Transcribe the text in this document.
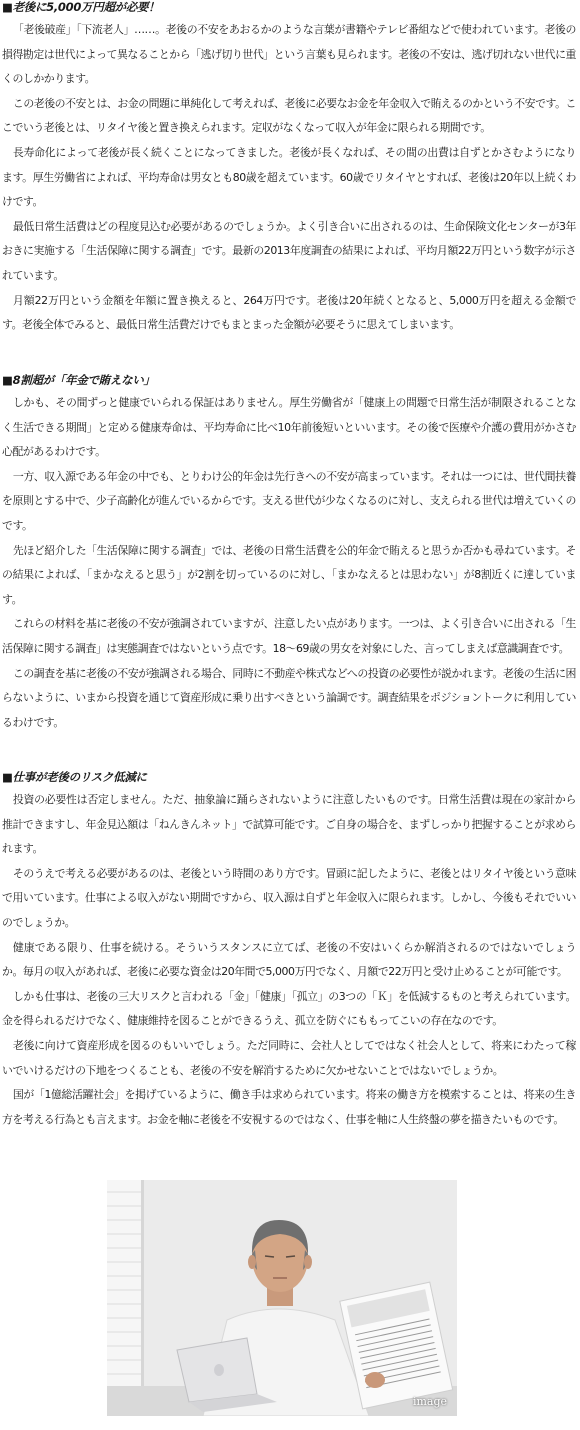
■老後に5,000万円超が必要！

「老後破産」「下流老人」……。老後の不安をあおるかのような言葉が書籍やテレビ番組などで使われています。老後の損得勘定は世代によって異なることから「逃げ切り世代」という言葉も見られます。老後の不安は、逃げ切れない世代に重くのしかかります。

この老後の不安とは、お金の問題に単純化して考えれば、老後に必要なお金を年金収入で賄えるのかという不安です。ここでいう老後とは、リタイヤ後と置き換えられます。定収がなくなって収入が年金に限られる期間です。

長寿命化によって老後が長く続くことになってきました。老後が長くなれば、その間の出費は自ずとかさむようになります。厚生労働省によれば、平均寿命は男女とも80歳を超えています。60歳でリタイヤとすれば、老後は20年以上続くわけです。

最低日常生活費はどの程度見込む必要があるのでしょうか。よく引き合いに出されるのは、生命保険文化センターが3年おきに実施する「生活保障に関する調査」です。最新の2013年度調査の結果によれば、平均月額22万円という数字が示されています。

月額22万円という金額を年額に置き換えると、264万円です。老後は20年続くとなると、5,000万円を超える金額です。老後全体でみると、最低日常生活費だけでもまとまった金額が必要そうに思えてしまいます。

■8割超が「年金で賄えない」

しかも、その間ずっと健康でいられる保証はありません。厚生労働省が「健康上の問題で日常生活が制限されることなく生活できる期間」と定める健康寿命は、平均寿命に比べ10年前後短いといいます。その後で医療や介護の費用がかさむ心配があるわけです。

一方、収入源である年金の中でも、とりわけ公的年金は先行きへの不安が高まっています。それは一つには、世代間扶養を原則とする中で、少子高齢化が進んでいるからです。支える世代が少なくなるのに対し、支えられる世代は増えていくのです。

先ほど紹介した「生活保障に関する調査」では、老後の日常生活費を公的年金で賄えると思うか否かも尋ねています。その結果によれば、「まかなえると思う」が2割を切っているのに対し、「まかなえるとは思わない」が8割近くに達しています。

これらの材料を基に老後の不安が強調されていますが、注意したい点があります。一つは、よく引き合いに出される「生活保障に関する調査」は実態調査ではないという点です。18～69歳の男女を対象にした、言ってしまえば意識調査です。

この調査を基に老後の不安が強調される場合、同時に不動産や株式などへの投資の必要性が説かれます。老後の生活に困らないように、いまから投資を通じて資産形成に乗り出すべきという論調です。調査結果をポジショントークに利用しているわけです。

■仕事が老後のリスク低減に

投資の必要性は否定しません。ただ、抽象論に踊らされないように注意したいものです。日常生活費は現在の家計から推計できますし、年金見込額は「ねんきんネット」で試算可能です。ご自身の場合を、まずしっかり把握することが求められます。

そのうえで考える必要があるのは、老後という時間のあり方です。冒頭に記したように、老後とはリタイヤ後という意味で用いています。仕事による収入がない期間ですから、収入源は自ずと年金収入に限られます。しかし、今後もそれでいいのでしょうか。

健康である限り、仕事を続ける。そういうスタンスに立てば、老後の不安はいくらか解消されるのではないでしょうか。毎月の収入があれば、老後に必要な資金は20年間で5,000万円でなく、月額で22万円と受け止めることが可能です。

しかも仕事は、老後の三大リスクと言われる「金」「健康」「孤立」の3つの「Ｋ」を低減するものと考えられています。金を得られるだけでなく、健康維持を図ることができるうえ、孤立を防ぐにももってこいの存在なのです。

老後に向けて資産形成を図るのもいいでしょう。ただ同時に、会社人としてではなく社会人として、将来にわたって稼いでいけるだけの下地をつくることも、老後の不安を解消するために欠かせないことではないでしょうか。

国が「1億総活躍社会」を掲げているように、働き手は求められています。将来の働き方を模索することは、将来の生き方を考える行為とも言えます。お金を軸に老後を不安視するのではなく、仕事を軸に人生終盤の夢を描きたいものです。

image
